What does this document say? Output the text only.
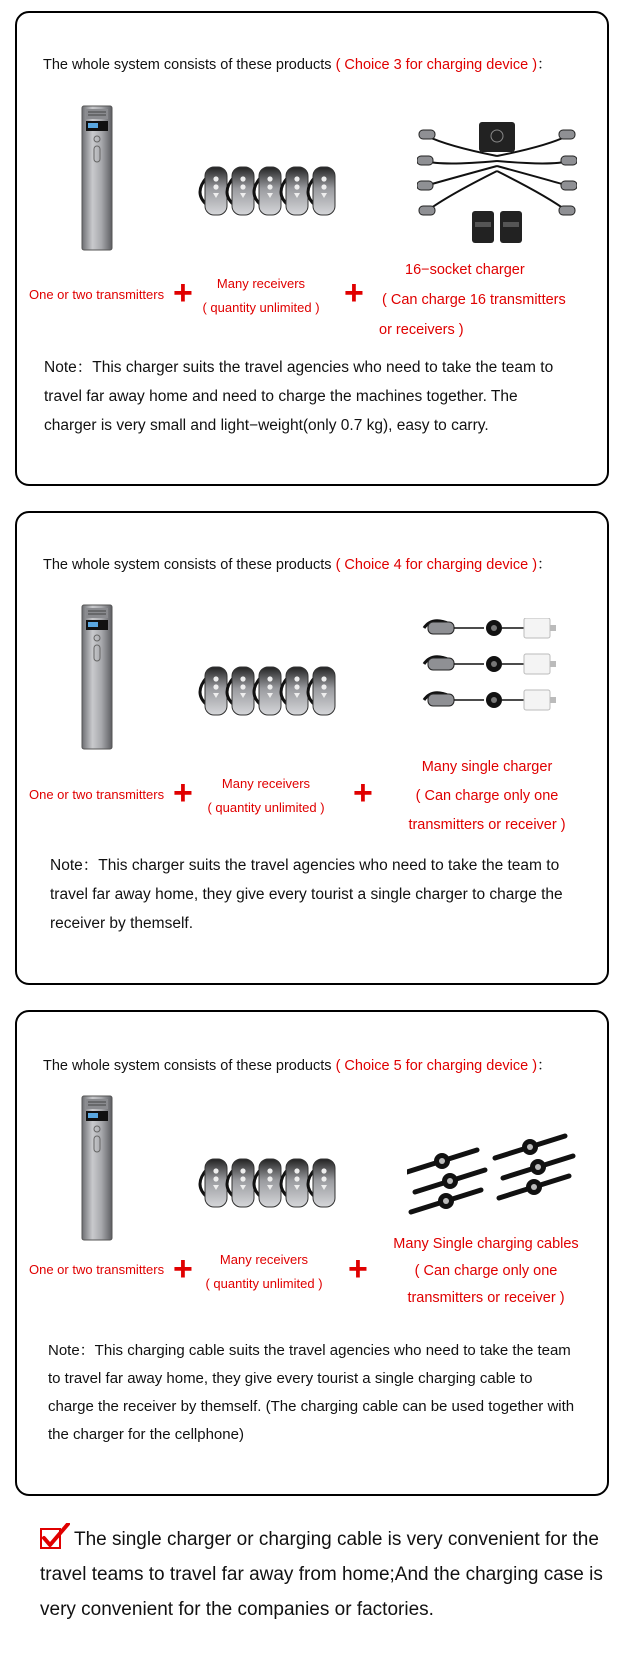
The whole system consists of these products ( Choice 3 for charging device )：
One or two transmitters +	Many receivers
( quantity unlimited ) +
16−socket charger
( Can charge 16 transmitters
or receivers )
Note：This charger suits the travel agencies who need to take the team to travel far away home and need to charge the machines together. The charger is very small and light−weight(only 0.7 kg), easy to carry.
The whole system consists of these products ( Choice 4 for charging device )：
One or two transmitters +	Many receivers
( quantity unlimited ) +
Many single charger
( Can charge only one
transmitters or receiver )
Note：This charger suits the travel agencies who need to take the team to travel far away home, they give every tourist a single charger to charge the receiver by themself.
The whole system consists of these products ( Choice 5 for charging device )：
One or two transmitters +	Many receivers
( quantity unlimited ) +
Many Single charging cables
( Can charge only one
transmitters or receiver )
Note：This charging cable suits the travel agencies who need to take the team to travel far away home, they give every tourist a single charging cable to charge the receiver by themself. (The charging cable can be used together with the charger for the cellphone)
The single charger or charging cable is very convenient for the travel teams to travel far away from home;And the charging case is very convenient for the companies or factories.
